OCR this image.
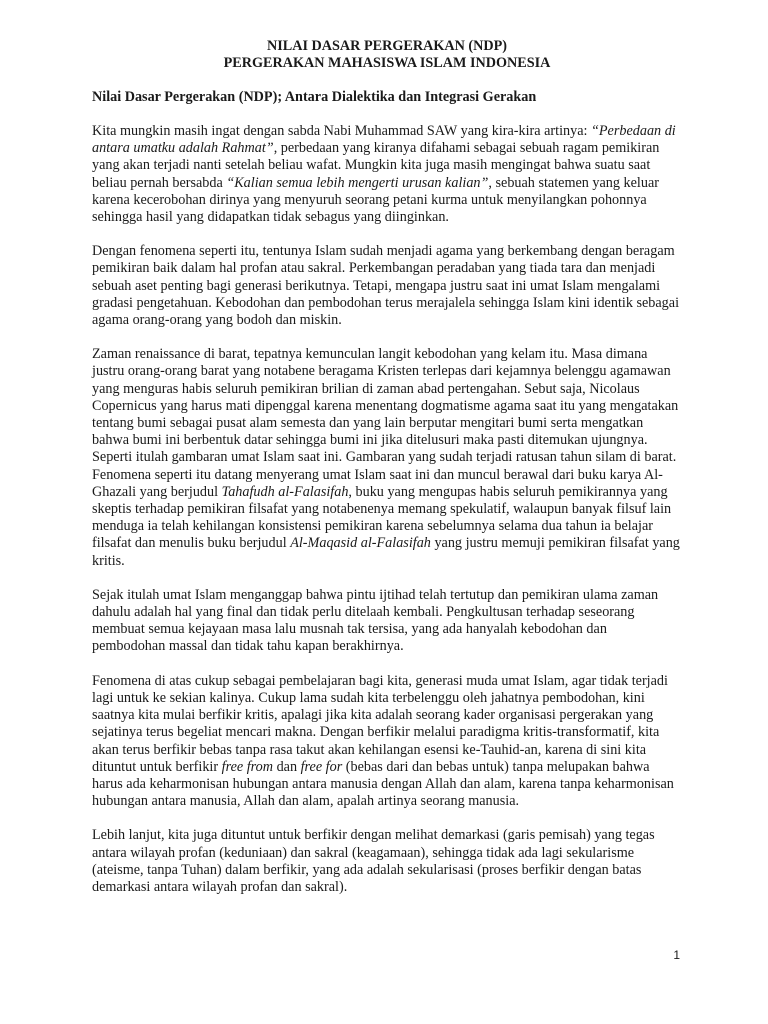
NILAI DASAR PERGERAKAN (NDP)

PERGERAKAN MAHASISWA ISLAM INDONESIA

Nilai Dasar Pergerakan (NDP); Antara Dialektika dan Integrasi Gerakan

Kita mungkin masih ingat dengan sabda Nabi Muhammad SAW yang kira-kira artinya: “Perbedaan di antara umatku adalah Rahmat”, perbedaan yang kiranya difahami sebagai sebuah ragam pemikiran yang akan terjadi nanti setelah beliau wafat. Mungkin kita juga masih mengingat bahwa suatu saat beliau pernah bersabda “Kalian semua lebih mengerti urusan kalian”, sebuah statemen yang keluar karena kecerobohan dirinya yang menyuruh seorang petani kurma untuk menyilangkan pohonnya sehingga hasil yang didapatkan tidak sebagus yang diinginkan.

Dengan fenomena seperti itu, tentunya Islam sudah menjadi agama yang berkembang dengan beragam pemikiran baik dalam hal profan atau sakral. Perkembangan peradaban yang tiada tara dan menjadi sebuah aset penting bagi generasi berikutnya. Tetapi, mengapa justru saat ini umat Islam mengalami gradasi pengetahuan. Kebodohan dan pembodohan terus merajalela sehingga Islam kini identik sebagai agama orang-orang yang bodoh dan miskin.

Zaman renaissance di barat, tepatnya kemunculan langit kebodohan yang kelam itu. Masa dimana justru orang-orang barat yang notabene beragama Kristen terlepas dari kejamnya belenggu agamawan yang menguras habis seluruh pemikiran brilian di zaman abad pertengahan. Sebut saja, Nicolaus Copernicus yang harus mati dipenggal karena menentang dogmatisme agama saat itu yang mengatakan tentang bumi sebagai pusat alam semesta dan yang lain berputar mengitari bumi serta mengatkan bahwa bumi ini berbentuk datar sehingga bumi ini jika ditelusuri maka pasti ditemukan ujungnya. Seperti itulah gambaran umat Islam saat ini. Gambaran yang sudah terjadi ratusan tahun silam di barat. Fenomena seperti itu datang menyerang umat Islam saat ini dan muncul berawal dari buku karya Al-Ghazali yang berjudul Tahafudh al-Falasifah, buku yang mengupas habis seluruh pemikirannya yang skeptis terhadap pemikiran filsafat yang notabenenya memang spekulatif, walaupun banyak filsuf lain menduga ia telah kehilangan konsistensi pemikiran karena sebelumnya selama dua tahun ia belajar filsafat dan menulis buku berjudul Al-Maqasid al-Falasifah yang justru memuji pemikiran filsafat yang kritis.

Sejak itulah umat Islam menganggap bahwa pintu ijtihad telah tertutup dan pemikiran ulama zaman dahulu adalah hal yang final dan tidak perlu ditelaah kembali. Pengkultusan terhadap seseorang membuat semua kejayaan masa lalu musnah tak tersisa, yang ada hanyalah kebodohan dan pembodohan massal dan tidak tahu kapan berakhirnya.

Fenomena di atas cukup sebagai pembelajaran bagi kita, generasi muda umat Islam, agar tidak terjadi lagi untuk ke sekian kalinya. Cukup lama sudah kita terbelenggu oleh jahatnya pembodohan, kini saatnya kita mulai berfikir kritis, apalagi jika kita adalah seorang kader organisasi pergerakan yang sejatinya terus begeliat mencari makna. Dengan berfikir melalui paradigma kritis-transformatif, kita akan terus berfikir bebas tanpa rasa takut akan kehilangan esensi ke-Tauhid-an, karena di sini kita dituntut untuk berfikir free from dan free for (bebas dari dan bebas untuk) tanpa melupakan bahwa harus ada keharmonisan hubungan antara manusia dengan Allah dan alam, karena tanpa keharmonisan hubungan antara manusia, Allah dan alam, apalah artinya seorang manusia.

Lebih lanjut, kita juga dituntut untuk berfikir dengan melihat demarkasi (garis pemisah) yang tegas antara wilayah profan (keduniaan) dan sakral (keagamaan), sehingga tidak ada lagi sekularisme (ateisme, tanpa Tuhan) dalam berfikir, yang ada adalah sekularisasi (proses berfikir dengan batas demarkasi antara wilayah profan dan sakral).

1
